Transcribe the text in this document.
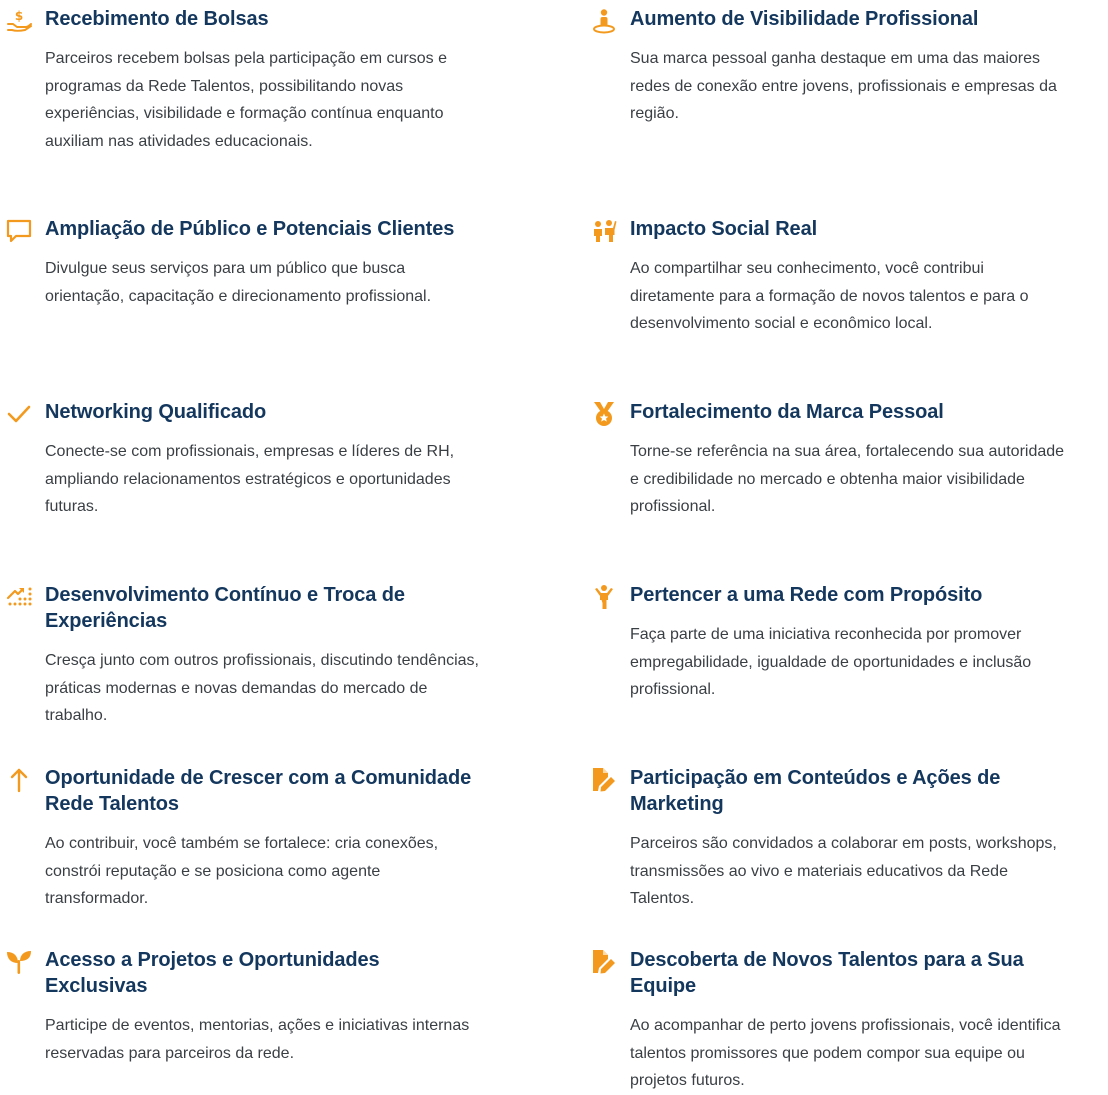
$ Recebimento de Bolsas

Parceiros recebem bolsas pela participação em cursos e programas da Rede Talentos, possibilitando novas experiências, visibilidade e formação contínua enquanto auxiliam nas atividades educacionais.

Aumento de Visibilidade Profissional

Sua marca pessoal ganha destaque em uma das maiores redes de conexão entre jovens, profissionais e empresas da região.

Ampliação de Público e Potenciais Clientes

Divulgue seus serviços para um público que busca orientação, capacitação e direcionamento profissional.

Impacto Social Real

Ao compartilhar seu conhecimento, você contribui diretamente para a formação de novos talentos e para o desenvolvimento social e econômico local.

Networking Qualificado

Conecte-se com profissionais, empresas e líderes de RH, ampliando relacionamentos estratégicos e oportunidades futuras.

Fortalecimento da Marca Pessoal

Torne-se referência na sua área, fortalecendo sua autoridade e credibilidade no mercado e obtenha maior visibilidade profissional.

Desenvolvimento Contínuo e Troca de Experiências

Cresça junto com outros profissionais, discutindo tendências, práticas modernas e novas demandas do mercado de trabalho.

Pertencer a uma Rede com Propósito

Faça parte de uma iniciativa reconhecida por promover empregabilidade, igualdade de oportunidades e inclusão profissional.

Oportunidade de Crescer com a Comunidade Rede Talentos

Ao contribuir, você também se fortalece: cria conexões, constrói reputação e se posiciona como agente transformador.

Participação em Conteúdos e Ações de Marketing

Parceiros são convidados a colaborar em posts, workshops, transmissões ao vivo e materiais educativos da Rede Talentos.

Acesso a Projetos e Oportunidades Exclusivas

Participe de eventos, mentorias, ações e iniciativas internas reservadas para parceiros da rede.

Descoberta de Novos Talentos para a Sua Equipe

Ao acompanhar de perto jovens profissionais, você identifica talentos promissores que podem compor sua equipe ou projetos futuros.
